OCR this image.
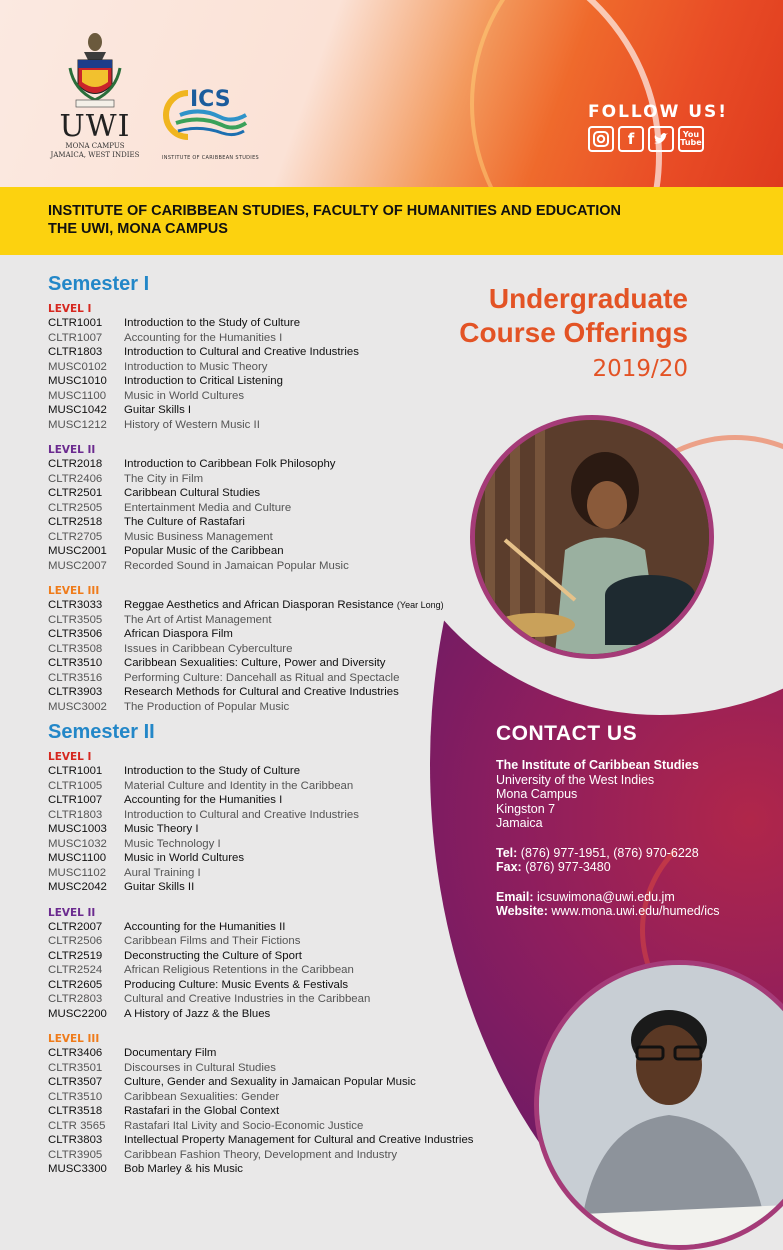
UWI
MONA CAMPUS
JAMAICA, WEST INDIES
ICS
INSTITUTE OF CARIBBEAN STUDIES
FOLLOW US!
f	You
Tube
INSTITUTE OF CARIBBEAN STUDIES, FACULTY OF HUMANITIES AND EDUCATION
THE UWI, MONA CAMPUS
Undergraduate
Course Offerings
2019/20
Semester I
LEVEL I
CLTR1001	Introduction to the Study of Culture
CLTR1007	Accounting for the Humanities I
CLTR1803	Introduction to Cultural and Creative Industries
MUSC0102	Introduction to Music Theory
MUSC1010	Introduction to Critical Listening
MUSC1100	Music in World Cultures
MUSC1042	Guitar Skills I
MUSC1212	History of Western Music II
LEVEL II
CLTR2018	Introduction to Caribbean Folk Philosophy
CLTR2406	The City in Film
CLTR2501	Caribbean Cultural Studies
CLTR2505	Entertainment Media and Culture
CLTR2518	The Culture of Rastafari
CLTR2705	Music Business Management
MUSC2001	Popular Music of the Caribbean
MUSC2007	Recorded Sound in Jamaican Popular Music
LEVEL III
CLTR3033	Reggae Aesthetics and African Diasporan Resistance (Year Long)
CLTR3505	The Art of Artist Management
CLTR3506	African Diaspora Film
CLTR3508	Issues in Caribbean Cyberculture
CLTR3510	Caribbean Sexualities: Culture, Power and Diversity
CLTR3516	Performing Culture: Dancehall as Ritual and Spectacle
CLTR3903	Research Methods for Cultural and Creative Industries
MUSC3002	The Production of Popular Music
Semester II
LEVEL I
CLTR1001	Introduction to the Study of Culture
CLTR1005	Material Culture and Identity in the Caribbean
CLTR1007	Accounting for the Humanities I
CLTR1803	Introduction to Cultural and Creative Industries
MUSC1003	Music Theory I
MUSC1032	Music Technology I
MUSC1100	Music in World Cultures
MUSC1102	Aural Training I
MUSC2042	Guitar Skills II
LEVEL II
CLTR2007	Accounting for the Humanities II
CLTR2506	Caribbean Films and Their Fictions
CLTR2519	Deconstructing the Culture of Sport
CLTR2524	African Religious Retentions in the Caribbean
CLTR2605	Producing Culture: Music Events & Festivals
CLTR2803	Cultural and Creative Industries in the Caribbean
MUSC2200	A History of Jazz & the Blues
LEVEL III
CLTR3406	Documentary Film
CLTR3501	Discourses in Cultural Studies
CLTR3507	Culture, Gender and Sexuality in Jamaican Popular Music
CLTR3510	Caribbean Sexualities: Gender
CLTR3518	Rastafari in the Global Context
CLTR 3565	Rastafari Ital Livity and Socio-Economic Justice
CLTR3803	Intellectual Property Management for Cultural and Creative Industries
CLTR3905	Caribbean Fashion Theory, Development and Industry
MUSC3300	Bob Marley & his Music
CONTACT US
The Institute of Caribbean Studies
University of the West Indies
Mona Campus
Kingston 7
Jamaica
Tel: (876) 977-1951, (876) 970-6228
Fax: (876) 977-3480
Email: icsuwimona@uwi.edu.jm
Website: www.mona.uwi.edu/humed/ics
